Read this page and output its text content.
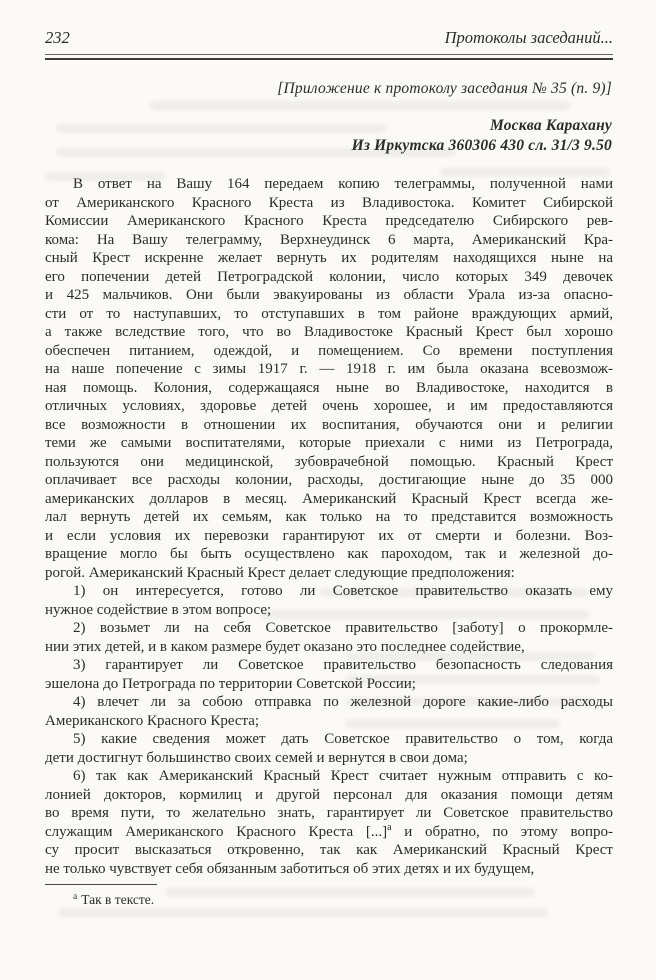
232	Протоколы заседаний...
[Приложение к протоколу заседания № 35 (п. 9)]
Москва Карахану
Из Иркутска 360306 430 сл. 31/3 9.50
В ответ на Вашу 164 передаем копию телеграммы, полученной нами
от Американского Красного Креста из Владивостока. Комитет Сибирской
Комиссии Американского Красного Креста председателю Сибирского рев-
кома: На Вашу телеграмму, Верхнеудинск 6 марта, Американский Кра-
сный Крест искренне желает вернуть их родителям находящихся ныне на
его попечении детей Петроградской колонии, число которых 349 девочек
и 425 мальчиков. Они были эвакуированы из области Урала из-за опасно-
сти от то наступавших, то отступавших в том районе враждующих армий,
а также вследствие того, что во Владивостоке Красный Крест был хорошо
обеспечен питанием, одеждой, и помещением. Со времени поступления
на наше попечение с зимы 1917 г. — 1918 г. им была оказана всевозмож-
ная помощь. Колония, содержащаяся ныне во Владивостоке, находится в
отличных условиях, здоровье детей очень хорошее, и им предоставляются
все возможности в отношении их воспитания, обучаются они и религии
теми же самыми воспитателями, которые приехали с ними из Петрограда,
пользуются они медицинской, зубоврачебной помощью. Красный Крест
оплачивает все расходы колонии, расходы, достигающие ныне до 35 000
американских долларов в месяц. Американский Красный Крест всегда же-
лал вернуть детей их семьям, как только на то представится возможность
и если условия их перевозки гарантируют их от смерти и болезни. Воз-
вращение могло бы быть осуществлено как пароходом, так и железной до-
рогой. Американский Красный Крест делает следующие предположения:
1) он интересуется, готово ли Советское правительство оказать ему
нужное содействие в этом вопросе;
2) возьмет ли на себя Советское правительство [заботу] о прокормле-
нии этих детей, и в каком размере будет оказано это последнее содействие,
3) гарантирует ли Советское правительство безопасность следования
эшелона до Петрограда по территории Советской России;
4) влечет ли за собою отправка по железной дороге какие-либо расходы
Американского Красного Креста;
5) какие сведения может дать Советское правительство о том, когда
дети достигнут большинство своих семей и вернутся в свои дома;
6) так как Американский Красный Крест считает нужным отправить с ко-
лонией докторов, кормилиц и другой персонал для оказания помощи детям
во время пути, то желательно знать, гарантирует ли Советское правительство
служащим Американского Красного Креста [...]$^а$ и обратно, по этому вопро-
су просит высказаться откровенно, так как Американский Красный Крест
не только чувствует себя обязанным заботиться об этих детях и их будущем,
$^а$ Так в тексте.
